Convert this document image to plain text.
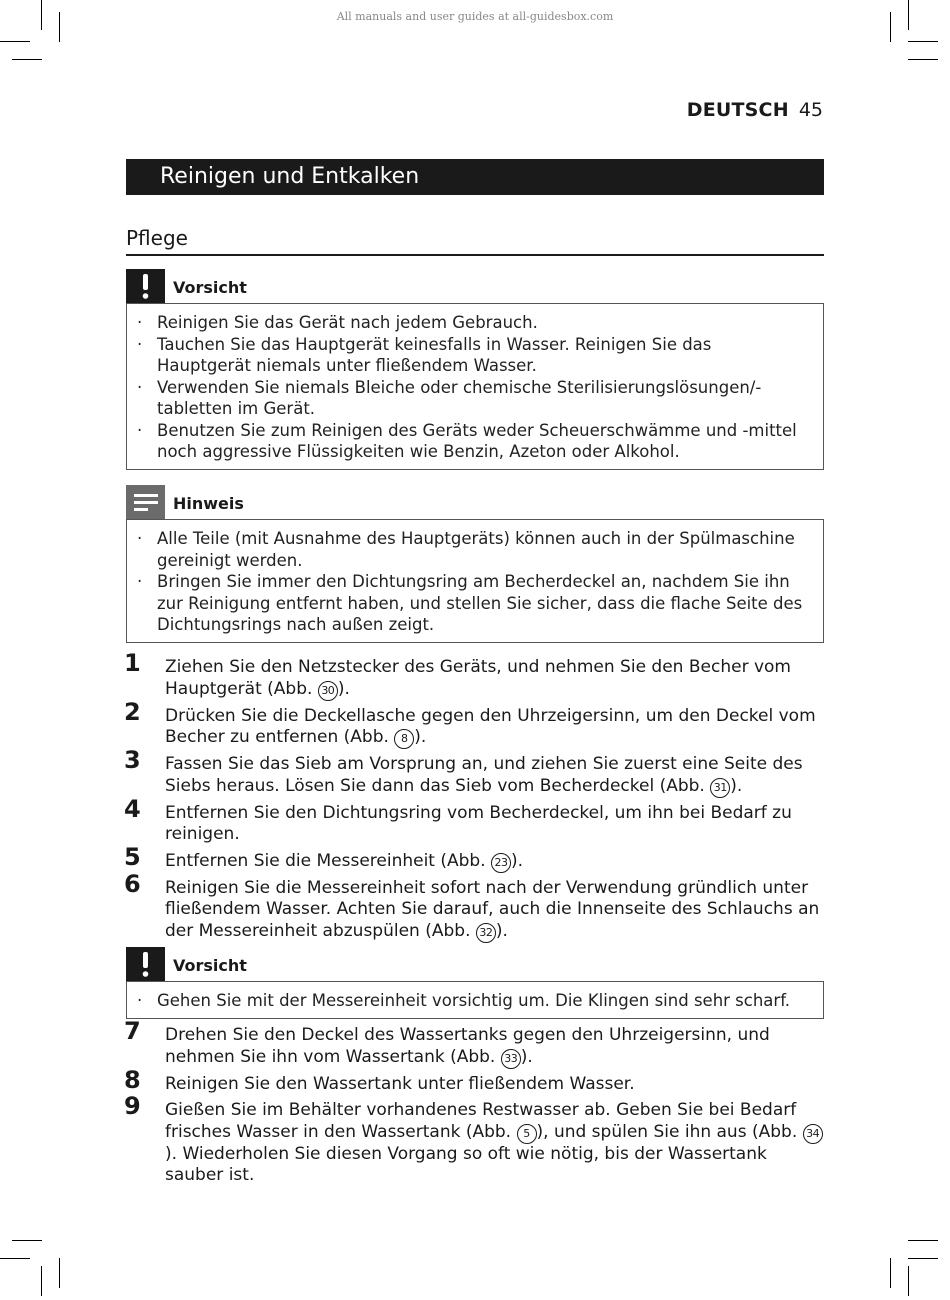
All manuals and user guides at all-guidesbox.com
DEUTSCH 45
Reinigen und Entkalken
Pflege
Vorsicht
· Reinigen Sie das Gerät nach jedem Gebrauch.
· Tauchen Sie das Hauptgerät keinesfalls in Wasser. Reinigen Sie das Hauptgerät niemals unter fließendem Wasser.
· Verwenden Sie niemals Bleiche oder chemische Sterilisierungslösungen/-tabletten im Gerät.
· Benutzen Sie zum Reinigen des Geräts weder Scheuerschwämme und -mittel noch aggressive Flüssigkeiten wie Benzin, Azeton oder Alkohol.
Hinweis
· Alle Teile (mit Ausnahme des Hauptgeräts) können auch in der Spülmaschine gereinigt werden.
· Bringen Sie immer den Dichtungsring am Becherdeckel an, nachdem Sie ihn zur Reinigung entfernt haben, und stellen Sie sicher, dass die flache Seite des Dichtungsrings nach außen zeigt.
1 Ziehen Sie den Netzstecker des Geräts, und nehmen Sie den Becher vom Hauptgerät (Abb. 30 ).
2 Drücken Sie die Deckellasche gegen den Uhrzeigersinn, um den Deckel vom Becher zu entfernen (Abb. 8 ).
3 Fassen Sie das Sieb am Vorsprung an, und ziehen Sie zuerst eine Seite des Siebs heraus. Lösen Sie dann das Sieb vom Becherdeckel (Abb. 31 ).
4 Entfernen Sie den Dichtungsring vom Becherdeckel, um ihn bei Bedarf zu reinigen.
5 Entfernen Sie die Messereinheit (Abb. 23 ).
6 Reinigen Sie die Messereinheit sofort nach der Verwendung gründlich unter fließendem Wasser. Achten Sie darauf, auch die Innenseite des Schlauchs an der Messereinheit abzuspülen (Abb. 32 ).
Vorsicht
· Gehen Sie mit der Messereinheit vorsichtig um. Die Klingen sind sehr scharf.
7 Drehen Sie den Deckel des Wassertanks gegen den Uhrzeigersinn, und nehmen Sie ihn vom Wassertank (Abb. 33 ).
8 Reinigen Sie den Wassertank unter fließendem Wasser.
9 Gießen Sie im Behälter vorhandenes Restwasser ab. Geben Sie bei Bedarf frisches Wasser in den Wassertank (Abb. 5 ), und spülen Sie ihn aus (Abb. 34). Wiederholen Sie diesen Vorgang so oft wie nötig, bis der Wassertank sauber ist.
